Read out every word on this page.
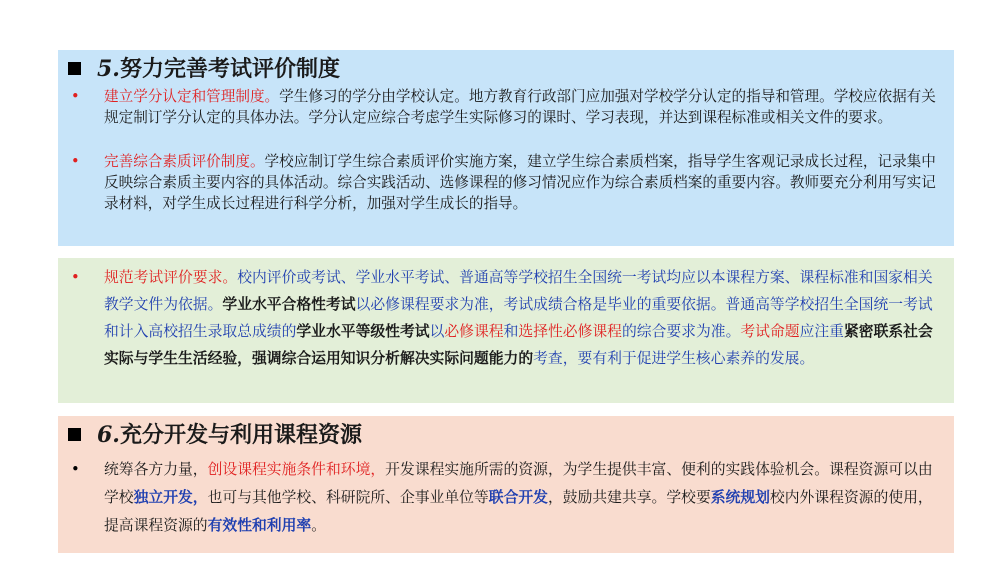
5.努力完善考试评价制度
• 建立学分认定和管理制度。学生修习的学分由学校认定。地方教育行政部门应加强对学校学分认定的指导和管理。学校应依据有关规定制订学分认定的具体办法。学分认定应综合考虑学生实际修习的课时、学习表现，并达到课程标准或相关文件的要求。
• 完善综合素质评价制度。学校应制订学生综合素质评价实施方案，建立学生综合素质档案，指导学生客观记录成长过程，记录集中反映综合素质主要内容的具体活动。综合实践活动、选修课程的修习情况应作为综合素质档案的重要内容。教师要充分利用写实记录材料，对学生成长过程进行科学分析，加强对学生成长的指导。
• 规范考试评价要求。校内评价或考试、学业水平考试、普通高等学校招生全国统一考试均应以本课程方案、课程标准和国家相关教学文件为依据。学业水平合格性考试以必修课程要求为准，考试成绩合格是毕业的重要依据。普通高等学校招生全国统一考试和计入高校招生录取总成绩的学业水平等级性考试以必修课程和选择性必修课程的综合要求为准。考试命题应注重紧密联系社会实际与学生生活经验，强调综合运用知识分析解决实际问题能力的考查，要有利于促进学生核心素养的发展。
6.充分开发与利用课程资源
• 统筹各方力量，创设课程实施条件和环境，开发课程实施所需的资源，为学生提供丰富、便利的实践体验机会。课程资源可以由学校独立开发，也可与其他学校、科研院所、企事业单位等联合开发，鼓励共建共享。学校要系统规划校内外课程资源的使用，提高课程资源的有效性和利用率。
